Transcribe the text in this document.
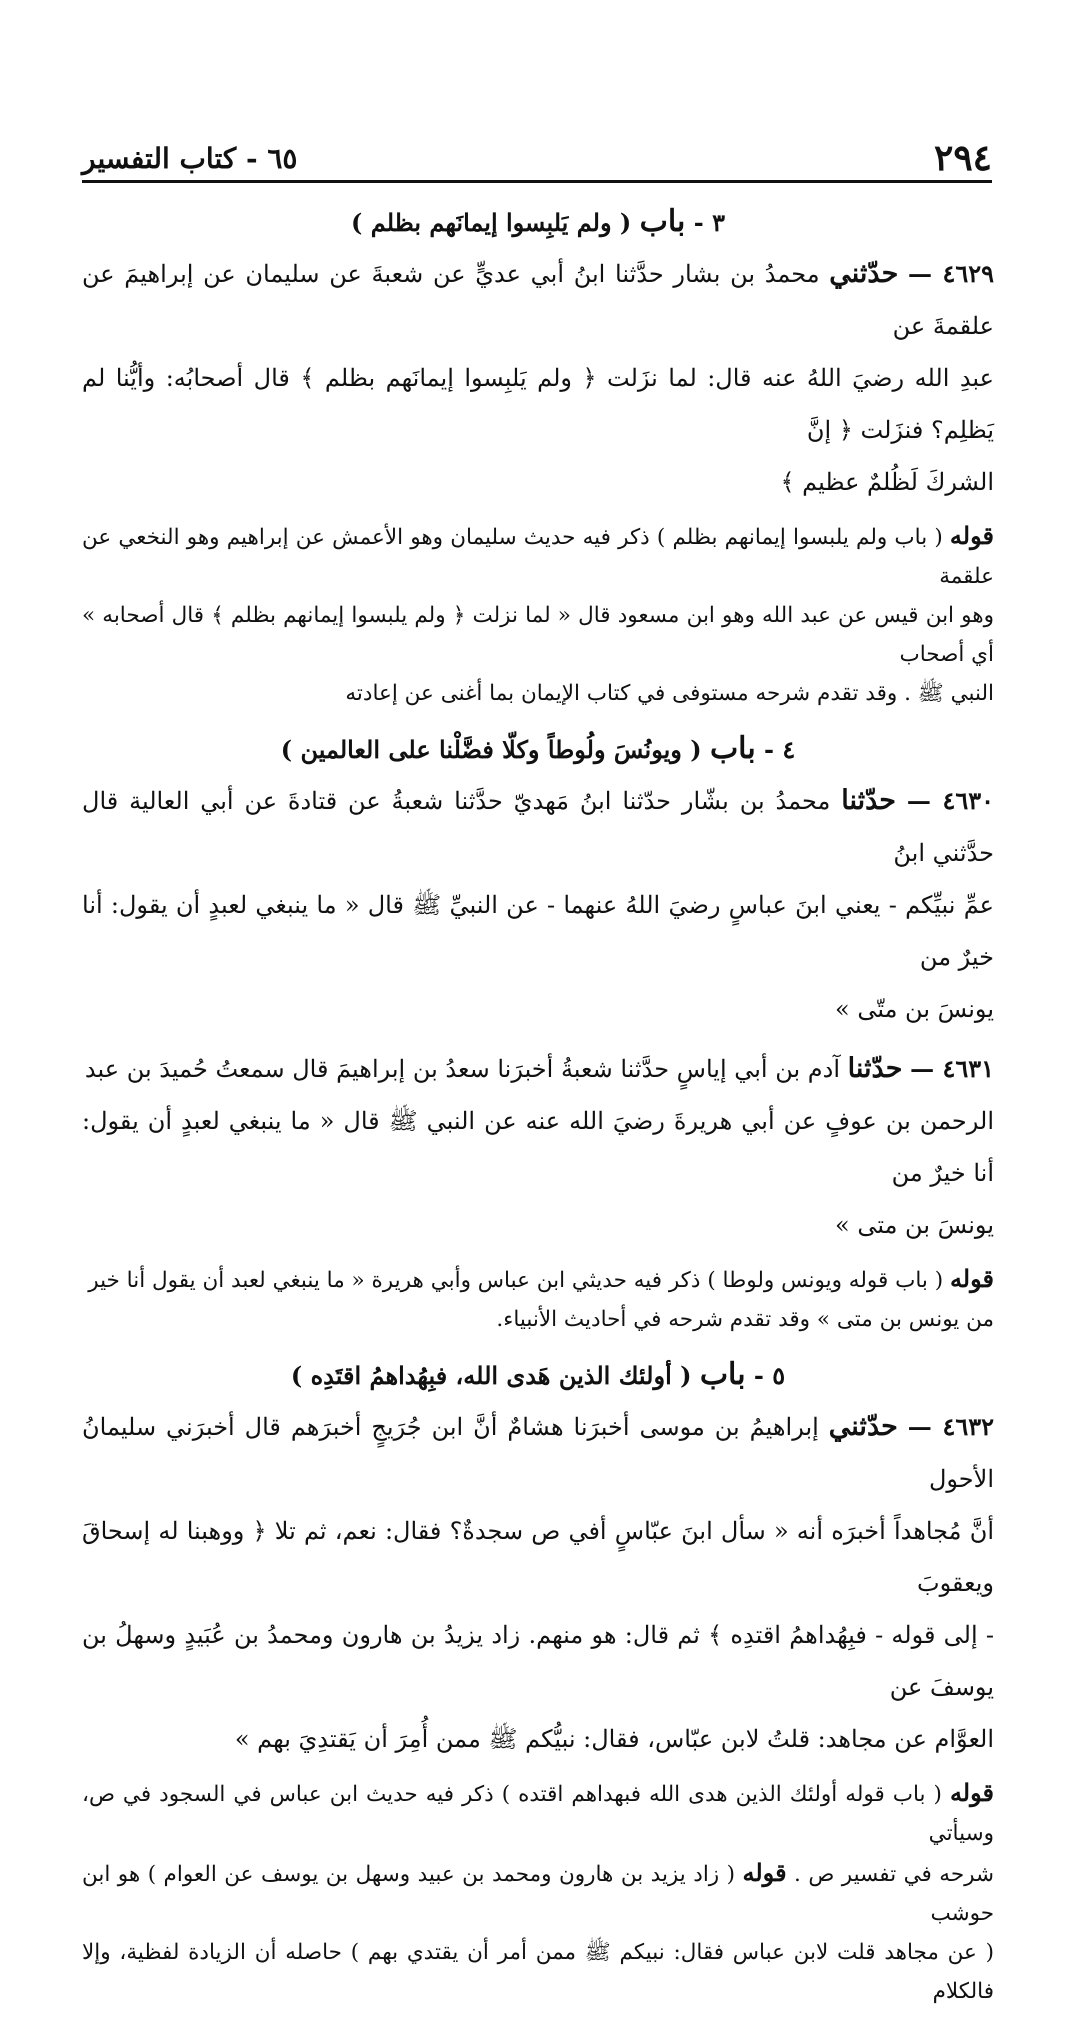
٢٩٤
٦٥ - كتاب التفسير
٣ - باب ( ولم يَلبِسوا إيمانَهم بظلم )

٤٦٢٩ — حدّثني محمدُ بن بشار حدَّثنا ابنُ أبي عديٍّ عن شعبةَ عن سليمان عن إبراهيمَ عن علقمةَ عن

عبدِ الله رضيَ اللهُ عنه قال: لما نزَلت ﴿ ولم يَلبِسوا إيمانَهم بظلم ﴾ قال أصحابُه: وأيُّنا لم يَظلِم؟ فنزَلت ﴿ إنَّ

الشركَ لَظُلمٌ عظيم ﴾

قوله ( باب ولم يلبسوا إيمانهم بظلم ) ذكر فيه حديث سليمان وهو الأعمش عن إبراهيم وهو النخعي عن علقمة

وهو ابن قيس عن عبد الله وهو ابن مسعود قال « لما نزلت ﴿ ولم يلبسوا إيمانهم بظلم ﴾ قال أصحابه » أي أصحاب

النبي ﷺ . وقد تقدم شرحه مستوفى في كتاب الإيمان بما أغنى عن إعادته

٤ - باب ( ويونُسَ ولُوطاً وكلّا فضَّلْنا على العالمين )

٤٦٣٠ — حدّثنا محمدُ بن بشّار حدّثنا ابنُ مَهديّ حدَّثنا شعبةُ عن قتادةَ عن أبي العالية قال حدَّثني ابنُ

عمِّ نبيِّكم - يعني ابنَ عباسٍ رضيَ اللهُ عنهما - عن النبيِّ ﷺ قال « ما ينبغي لعبدٍ أن يقول: أنا خيرٌ من

يونسَ بن متّى »

٤٦٣١ — حدّثنا آدم بن أبي إياسٍ حدَّثنا شعبةُ أخبرَنا سعدُ بن إبراهيمَ قال سمعتُ حُميدَ بن عبد

الرحمن بن عوفٍ عن أبي هريرةَ رضيَ الله عنه عن النبي ﷺ قال « ما ينبغي لعبدٍ أن يقول: أنا خيرٌ من

يونسَ بن متى »

قوله ( باب قوله ويونس ولوطا ) ذكر فيه حديثي ابن عباس وأبي هريرة « ما ينبغي لعبد أن يقول أنا خير

من يونس بن متى » وقد تقدم شرحه في أحاديث الأنبياء.

٥ - باب ( أولئك الذين هَدى الله، فبِهُداهمُ اقتَدِه )

٤٦٣٢ — حدّثني إبراهيمُ بن موسى أخبرَنا هشامٌ أنَّ ابن جُرَيجٍ أخبرَهم قال أخبرَني سليمانُ الأحول

أنَّ مُجاهداً أخبرَه أنه « سأل ابنَ عبّاسٍ أفي ص سجدةٌ؟ فقال: نعم، ثم تلا ﴿ ووهبنا له إسحاقَ ويعقوبَ

- إلى قوله - فبِهُداهمُ اقتدِه ﴾ ثم قال: هو منهم. زاد يزيدُ بن هارون ومحمدُ بن عُبَيدٍ وسهلُ بن يوسفَ عن

العوَّام عن مجاهد: قلتُ لابن عبّاس، فقال: نبيُّكم ﷺ ممن أُمِرَ أن يَقتدِيَ بهم »

قوله ( باب قوله أولئك الذين هدى الله فبهداهم اقتده ) ذكر فيه حديث ابن عباس في السجود في ص، وسيأتي

شرحه في تفسير ص . قوله ( زاد يزيد بن هارون ومحمد بن عبيد وسهل بن يوسف عن العوام ) هو ابن حوشب

( عن مجاهد قلت لابن عباس فقال: نبيكم ﷺ ممن أمر أن يقتدي بهم ) حاصله أن الزيادة لفظية، وإلا فالكلام
